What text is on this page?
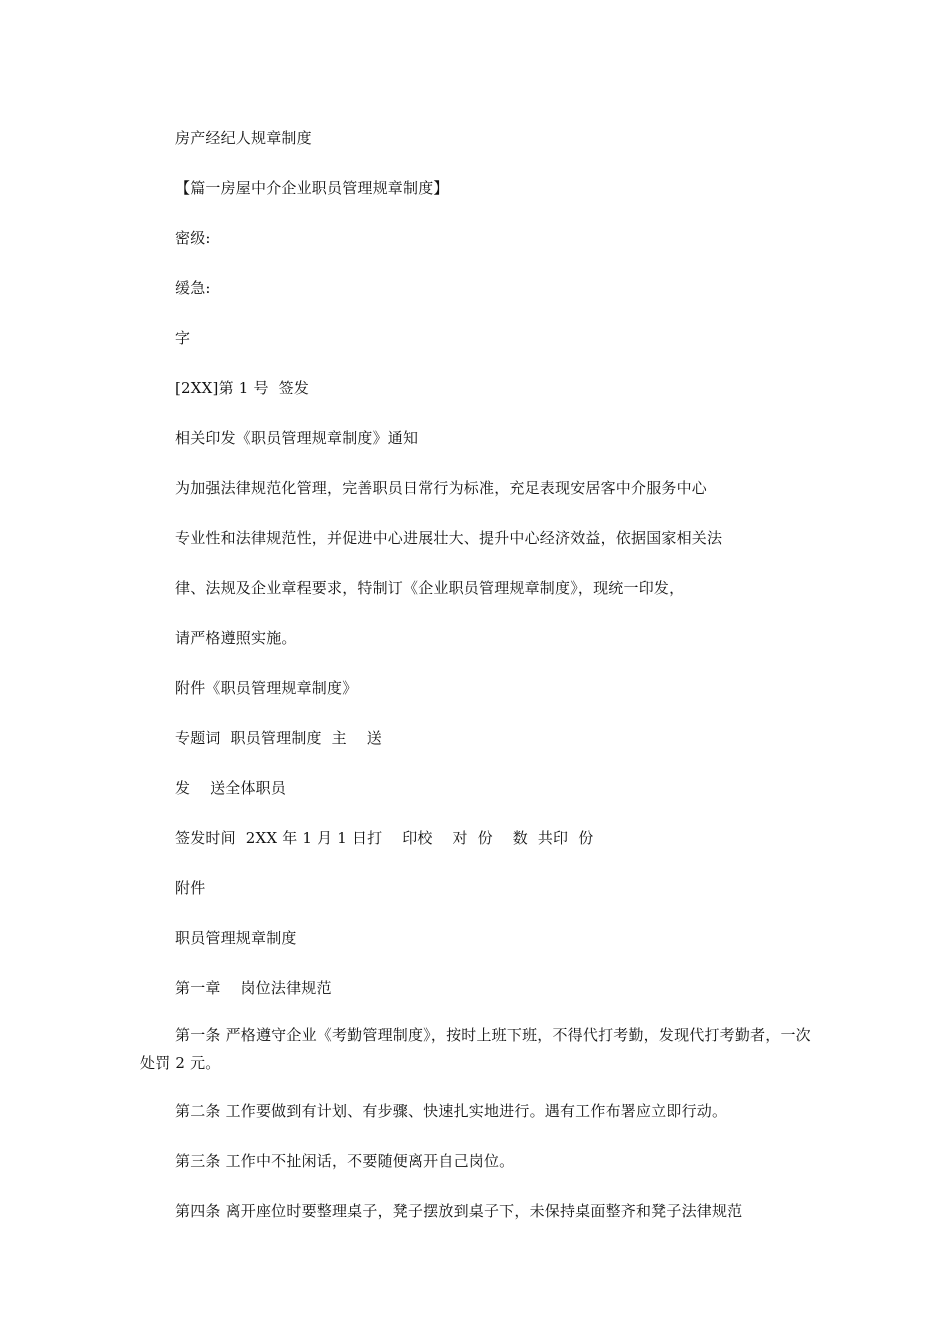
房产经纪人规章制度
【篇一房屋中介企业职员管理规章制度】
密级:
缓急:
字
[2XX]第 1 号  签发
相关印发《职员管理规章制度》通知
为加强法律规范化管理，完善职员日常行为标准，充足表现安居客中介服务中心
专业性和法律规范性，并促进中心进展壮大、提升中心经济效益，依据国家相关法
律、法规及企业章程要求，特制订《企业职员管理规章制度》，现统一印发，
请严格遵照实施。
附件《职员管理规章制度》
专题词  职员管理制度  主    送
发    送全体职员
签发时间  2XX 年 1 月 1 日打    印校    对  份    数  共印  份
附件
职员管理规章制度
第一章    岗位法律规范
第一条 严格遵守企业《考勤管理制度》，按时上班下班，不得代打考勤，发现代打考勤者，一次处罚 2 元。
第二条 工作要做到有计划、有步骤、快速扎实地进行。遇有工作布署应立即行动。
第三条 工作中不扯闲话，不要随便离开自己岗位。
第四条 离开座位时要整理桌子，凳子摆放到桌子下，未保持桌面整齐和凳子法律规范
